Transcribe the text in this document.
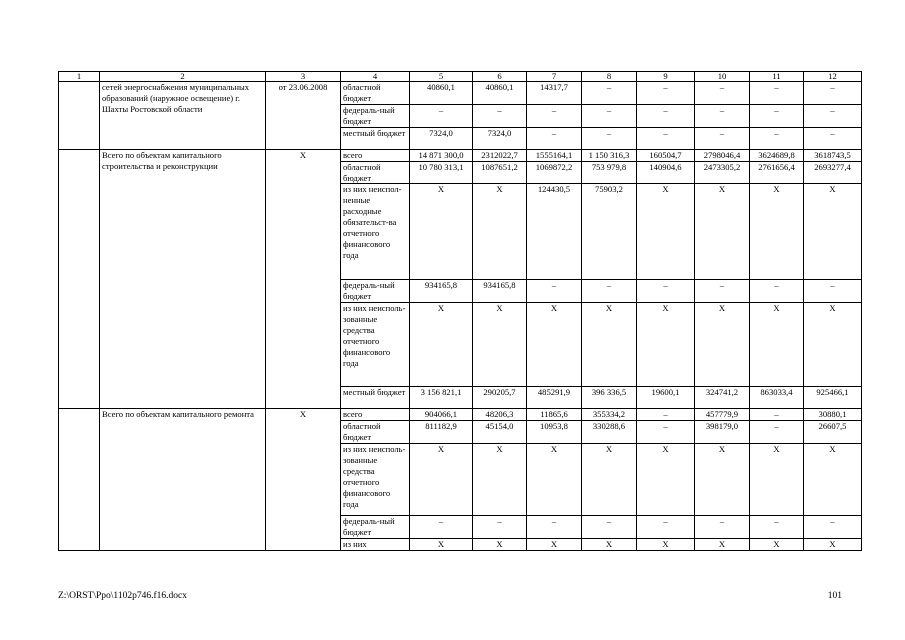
1	2	3	4	5	6	7	8	9	10	11	12
	сетей энергоснабжения муниципальных образований (наружное освещение) г. Шахты Ростовской области	от 23.06.2008	областной бюджет	40860,1	40860,1	14317,7	–	–	–	–	–
			федераль-ный бюджет	–	–	–	–	–	–	–	–
			местный бюджет	7324,0	7324,0	–	–	–	–	–	–
	Всего по объектам капитального строительства и реконструкции	Х	всего	14 871 300,0	2312022,7	1555164,1	1 150 316,3	160504,7	2798046,4	3624689,8	3618743,5
			областной бюджет	10 780 313,1	1087651,2	1069872,2	753 979,8	140904,6	2473305,2	2761656,4	2693277,4
			из них неиспол-ненные расходные обязательст-ва отчетного финансового года	Х	Х	124430,5	75903,2	Х	Х	Х	Х
			федераль-ный бюджет	934165,8	934165,8	–	–	–	–	–	–
			из них неисполь-зованные средства отчетного финансового года	Х	Х	Х	Х	Х	Х	Х	Х
			местный бюджет	3 156 821,1	290205,7	485291,9	396 336,5	19600,1	324741,2	863033,4	925466,1
	Всего по объектам капитального ремонта	Х	всего	904066,1	48206,3	11865,6	355334,2	–	457779,9	–	30880,1
			областной бюджет	811182,9	45154,0	10953,8	330288,6	–	398179,0	–	26607,5
			из них неисполь-зованные средства отчетного финансового года	Х	Х	Х	Х	Х	Х	Х	Х
			федераль-ный бюджет	–	–	–	–	–	–	–	–
			из них	Х	Х	Х	Х	Х	Х	Х	Х
Z:\ORST\Ppo\1102p746.f16.docx	101
